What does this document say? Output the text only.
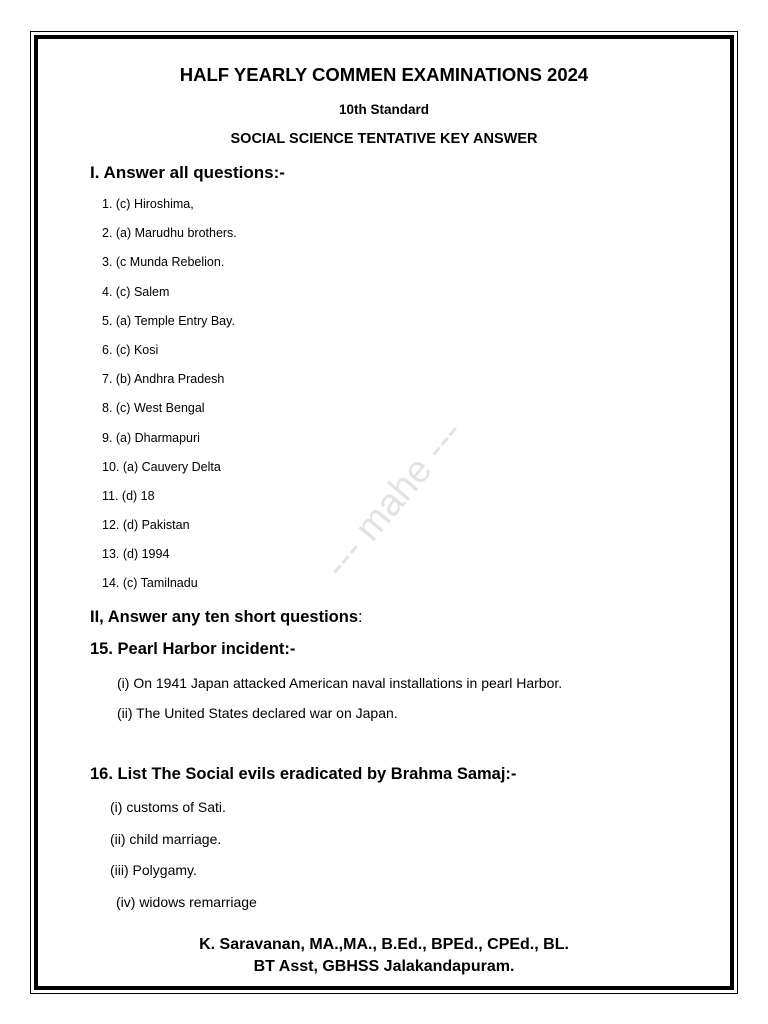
--- mahe ---
HALF YEARLY COMMEN EXAMINATIONS 2024
10th Standard
SOCIAL SCIENCE TENTATIVE KEY ANSWER
I. Answer all questions:-
1. (c) Hiroshima,
2. (a) Marudhu brothers.
3. (c Munda Rebelion.
4. (c) Salem
5. (a) Temple Entry Bay.
6. (c) Kosi
7. (b) Andhra Pradesh
8. (c) West Bengal
9. (a) Dharmapuri
10. (a) Cauvery Delta
11. (d) 18
12. (d) Pakistan
13. (d) 1994
14. (c) Tamilnadu
II, Answer any ten short questions:
15. Pearl Harbor incident:-
(i) On 1941 Japan attacked American naval installations in pearl Harbor.
(ii) The United States declared war on Japan.
16. List The Social evils eradicated by Brahma Samaj:-
(i) customs of Sati.
(ii) child marriage.
(iii) Polygamy.
(iv) widows remarriage
K. Saravanan, MA.,MA., B.Ed., BPEd., CPEd., BL.
BT Asst, GBHSS Jalakandapuram.
